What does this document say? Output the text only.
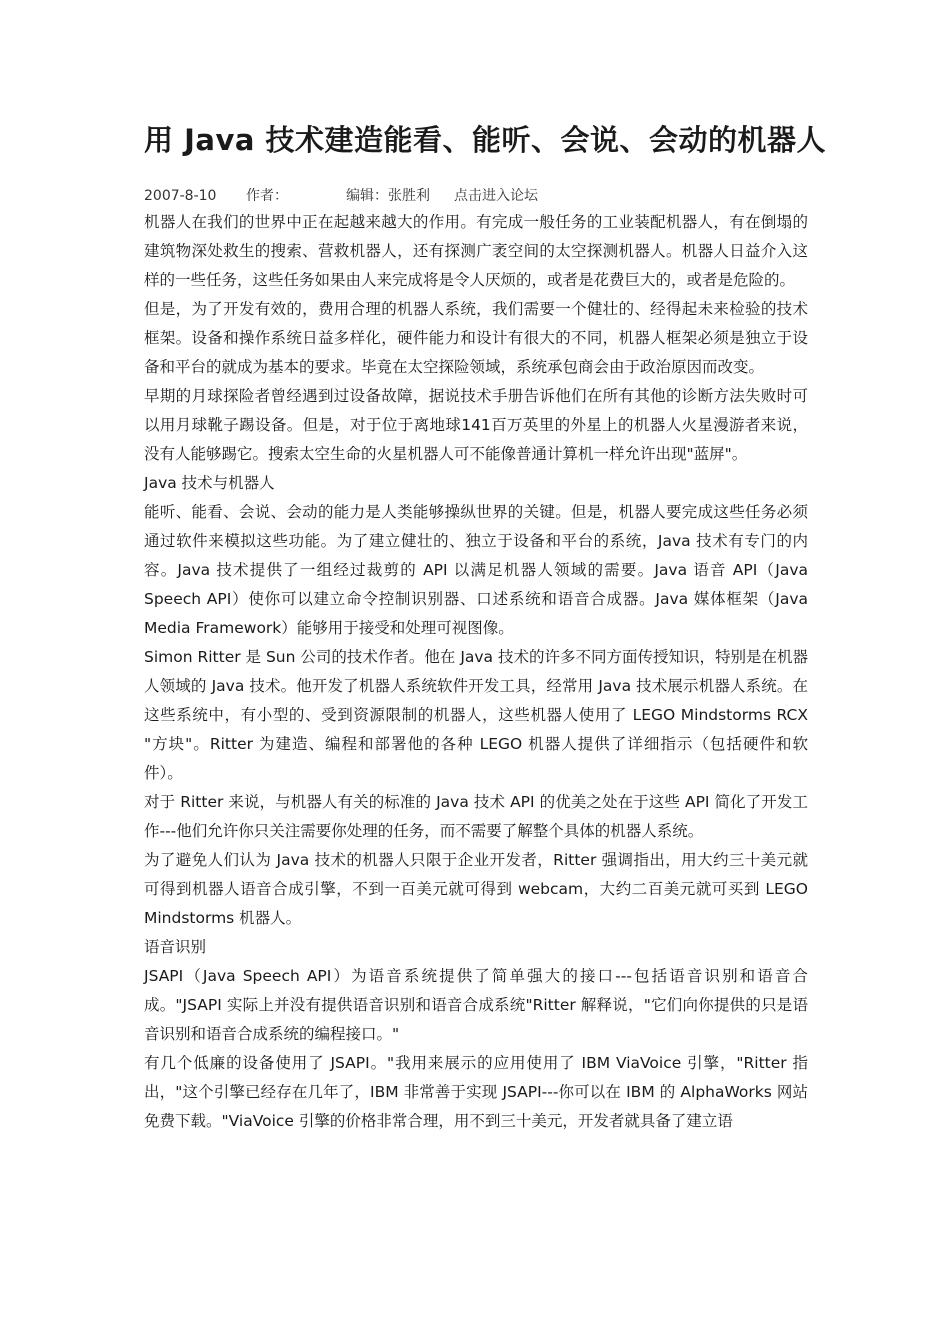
用 Java 技术建造能看、能听、会说、会动的机器人
2007-8-10 作者：	编辑：张胜利 点击进入论坛

机器人在我们的世界中正在起越来越大的作用。有完成一般任务的工业装配机器人，有在倒塌的建筑物深处救生的搜索、营救机器人，还有探测广袤空间的太空探测机器人。机器人日益介入这样的一些任务，这些任务如果由人来完成将是令人厌烦的，或者是花费巨大的，或者是危险的。

但是，为了开发有效的，费用合理的机器人系统，我们需要一个健壮的、经得起未来检验的技术框架。设备和操作系统日益多样化，硬件能力和设计有很大的不同，机器人框架必须是独立于设备和平台的就成为基本的要求。毕竟在太空探险领域，系统承包商会由于政治原因而改变。

早期的月球探险者曾经遇到过设备故障，据说技术手册告诉他们在所有其他的诊断方法失败时可以用月球靴子踢设备。但是，对于位于离地球141百万英里的外星上的机器人火星漫游者来说，没有人能够踢它。搜索太空生命的火星机器人可不能像普通计算机一样允许出现"蓝屏"。

Java 技术与机器人

能听、能看、会说、会动的能力是人类能够操纵世界的关键。但是，机器人要完成这些任务必须通过软件来模拟这些功能。为了建立健壮的、独立于设备和平台的系统，Java 技术有专门的内容。Java 技术提供了一组经过裁剪的 API 以满足机器人领域的需要。Java 语音 API（Java Speech API）使你可以建立命令控制识别器、口述系统和语音合成器。Java 媒体框架（Java Media Framework）能够用于接受和处理可视图像。

Simon Ritter 是 Sun 公司的技术作者。他在 Java 技术的许多不同方面传授知识，特别是在机器人领域的 Java 技术。他开发了机器人系统软件开发工具，经常用 Java 技术展示机器人系统。在这些系统中，有小型的、受到资源限制的机器人，这些机器人使用了 LEGO Mindstorms RCX "方块"。Ritter 为建造、编程和部署他的各种 LEGO 机器人提供了详细指示（包括硬件和软件）。

对于 Ritter 来说，与机器人有关的标准的 Java 技术 API 的优美之处在于这些 API 简化了开发工作---他们允许你只关注需要你处理的任务，而不需要了解整个具体的机器人系统。

为了避免人们认为 Java 技术的机器人只限于企业开发者，Ritter 强调指出，用大约三十美元就可得到机器人语音合成引擎，不到一百美元就可得到 webcam，大约二百美元就可买到 LEGO Mindstorms 机器人。

语音识别

JSAPI（Java Speech API）为语音系统提供了简单强大的接口---包括语音识别和语音合成。"JSAPI 实际上并没有提供语音识别和语音合成系统"Ritter 解释说，"它们向你提供的只是语音识别和语音合成系统的编程接口。"

有几个低廉的设备使用了 JSAPI。"我用来展示的应用使用了 IBM ViaVoice 引擎，"Ritter 指出，"这个引擎已经存在几年了，IBM 非常善于实现 JSAPI---你可以在 IBM 的 AlphaWorks 网站免费下载。"ViaVoice 引擎的价格非常合理，用不到三十美元，开发者就具备了建立语
